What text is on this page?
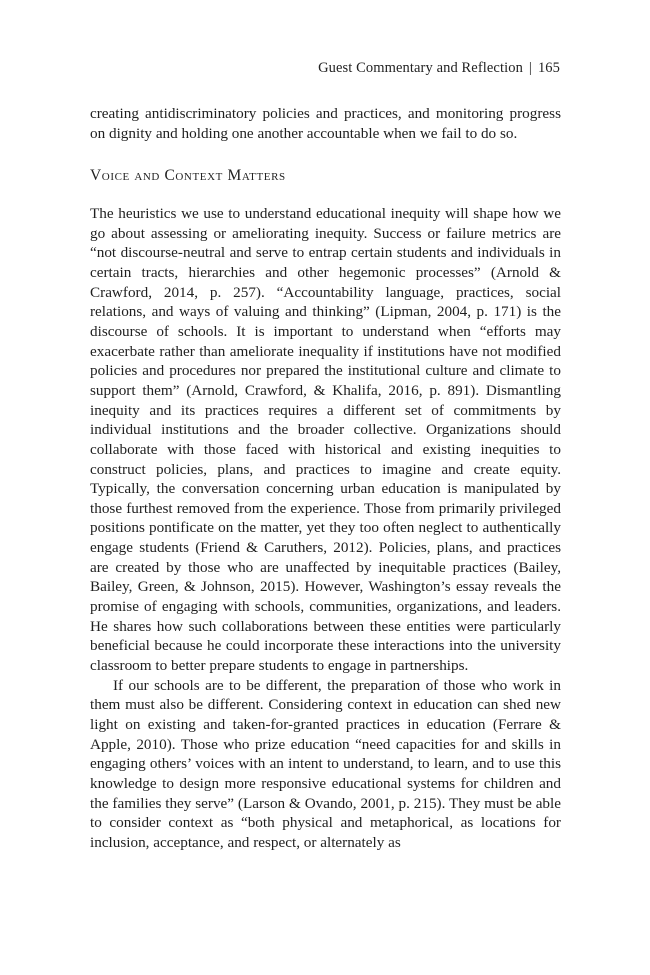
Guest Commentary and Reflection | 165

creating antidiscriminatory policies and practices, and monitoring progress on dignity and holding one another accountable when we fail to do so.

Voice and Context Matters

The heuristics we use to understand educational inequity will shape how we go about assessing or ameliorating inequity. Success or failure metrics are “not discourse-neutral and serve to entrap certain students and individuals in certain tracts, hierarchies and other hegemonic processes” (Arnold & Crawford, 2014, p. 257). “Accountability language, practices, social relations, and ways of valuing and thinking” (Lipman, 2004, p. 171) is the discourse of schools. It is important to understand when “efforts may exacerbate rather than ameliorate inequality if institutions have not modified policies and procedures nor prepared the institutional culture and climate to support them” (Arnold, Crawford, & Khalifa, 2016, p. 891). Dismantling inequity and its practices requires a different set of commitments by individual institutions and the broader collective. Organizations should collaborate with those faced with historical and existing inequities to construct policies, plans, and practices to imagine and create equity. Typically, the conversation concerning urban education is manipulated by those furthest removed from the experience. Those from primarily privileged positions pontificate on the matter, yet they too often neglect to authentically engage students (Friend & Caruthers, 2012). Policies, plans, and practices are created by those who are unaffected by inequitable practices (Bailey, Bailey, Green, & Johnson, 2015). However, Washington’s essay reveals the promise of engaging with schools, communities, organizations, and leaders. He shares how such collaborations between these entities were particularly beneficial because he could incorporate these interactions into the university classroom to better prepare students to engage in partnerships.

If our schools are to be different, the preparation of those who work in them must also be different. Considering context in education can shed new light on existing and taken-for-granted practices in education (Ferrare & Apple, 2010). Those who prize education “need capacities for and skills in engaging others’ voices with an intent to understand, to learn, and to use this knowledge to design more responsive educational systems for children and the families they serve” (Larson & Ovando, 2001, p. 215). They must be able to consider context as “both physical and metaphorical, as locations for inclusion, acceptance, and respect, or alternately as
